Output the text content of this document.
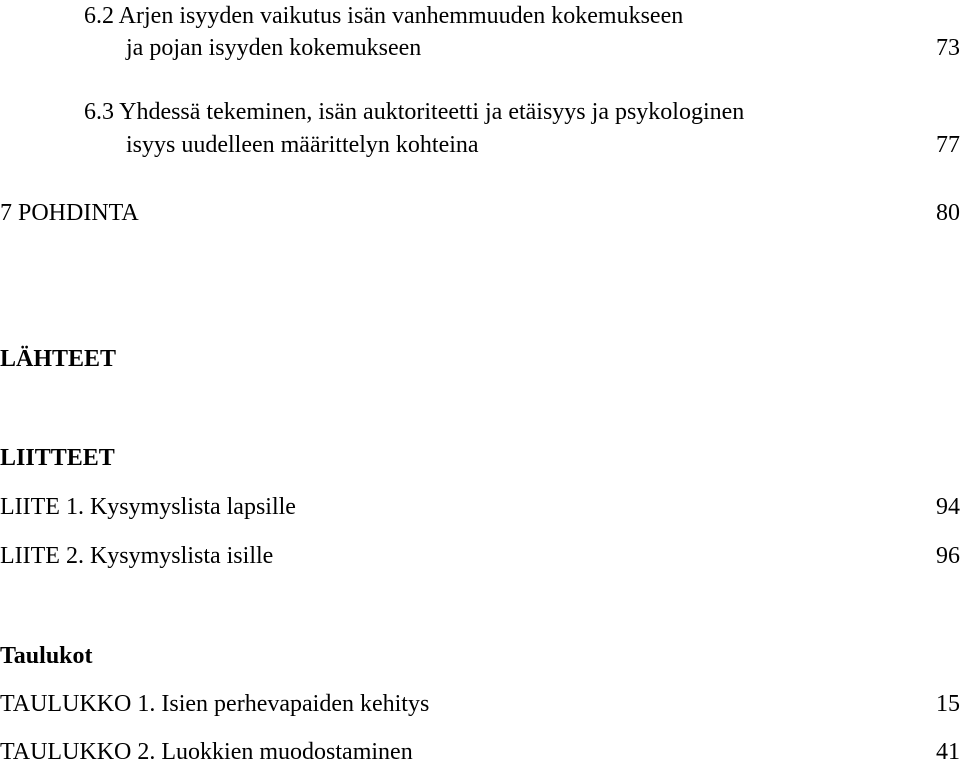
6.2 Arjen isyyden vaikutus isän vanhemmuuden kokemukseen
ja pojan isyyden kokemukseen	73
6.3 Yhdessä tekeminen, isän auktoriteetti ja etäisyys ja psykologinen
isyys uudelleen määrittelyn kohteina	77
7 POHDINTA	80
LÄHTEET
LIITTEET
LIITE 1. Kysymyslista lapsille	94
LIITE 2. Kysymyslista isille	96
Taulukot
TAULUKKO 1. Isien perhevapaiden kehitys	15
TAULUKKO 2. Luokkien muodostaminen	41
